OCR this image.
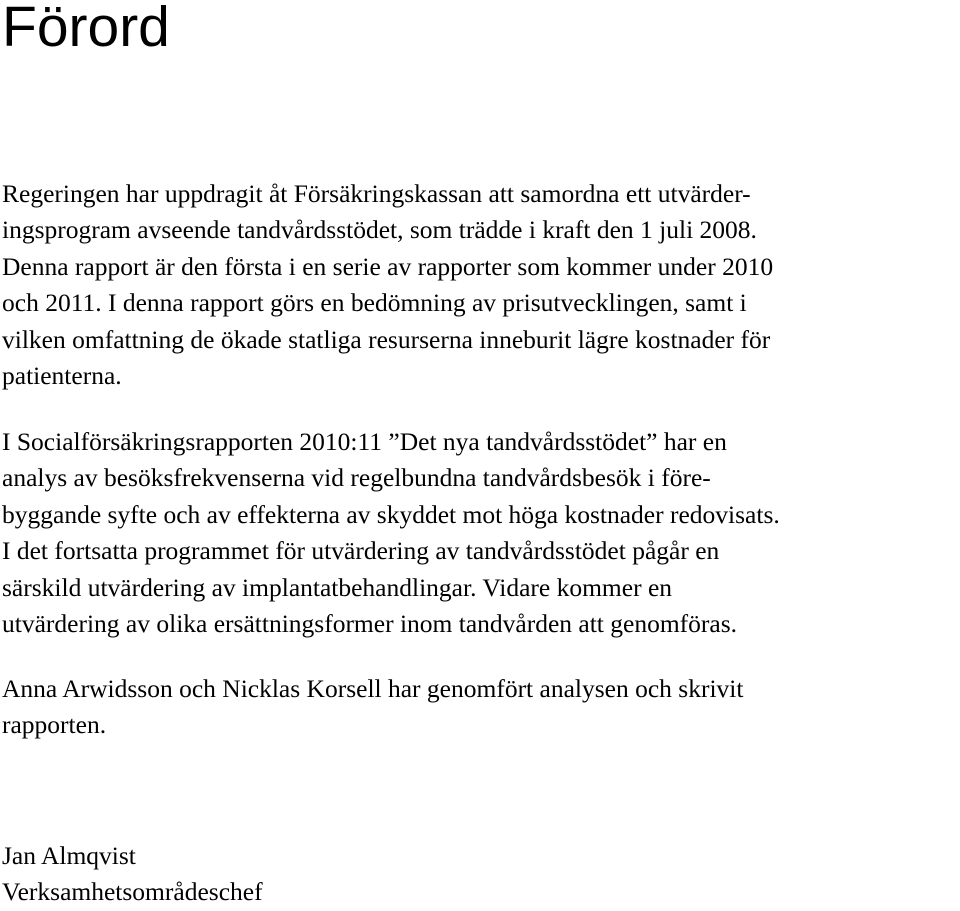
Förord

Regeringen har uppdragit åt Försäkringskassan att samordna ett utvärder-
ingsprogram avseende tandvårdsstödet, som trädde i kraft den 1 juli 2008.
Denna rapport är den första i en serie av rapporter som kommer under 2010
och 2011. I denna rapport görs en bedömning av prisutvecklingen, samt i
vilken omfattning de ökade statliga resurserna inneburit lägre kostnader för
patienterna.

I Socialförsäkringsrapporten 2010:11 ”Det nya tandvårdsstödet” har en
analys av besöksfrekvenserna vid regelbundna tandvårdsbesök i före-
byggande syfte och av effekterna av skyddet mot höga kostnader redovisats.
I det fortsatta programmet för utvärdering av tandvårdsstödet pågår en
särskild utvärdering av implantatbehandlingar. Vidare kommer en
utvärdering av olika ersättningsformer inom tandvården att genomföras.

Anna Arwidsson och Nicklas Korsell har genomfört analysen och skrivit
rapporten.

Jan Almqvist
Verksamhetsområdeschef
